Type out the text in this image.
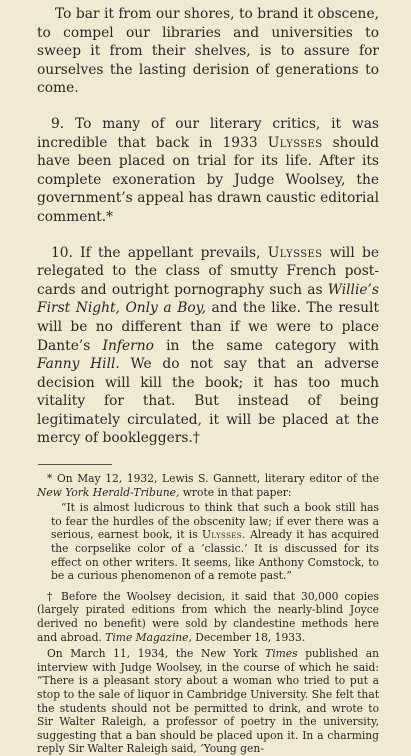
To bar it from our shores, to brand it obscene, to compel our libraries and universities to sweep it from their shelves, is to assure for ourselves the lasting derision of generations to come.

9. To many of our literary critics, it was incredible that back in 1933 Ulysses should have been placed on trial for its life. After its complete exoneration by Judge Woolsey, the government’s appeal has drawn caustic editorial comment.*

10. If the appellant prevails, Ulysses will be relegated to the class of smutty French post-cards and outright pornography such as Willie’s First Night, Only a Boy, and the like. The result will be no different than if we were to place Dante’s Inferno in the same category with Fanny Hill. We do not say that an adverse decision will kill the book; it has too much vitality for that. But instead of being legitimately circulated, it will be placed at the mercy of bookleggers.†

* On May 12, 1932, Lewis S. Gannett, literary editor of the New York Herald-Tribune, wrote in that paper:

“It is almost ludicrous to think that such a book still has to fear the hurdles of the obscenity law; if ever there was a serious, earnest book, it is Ulysses. Already it has acquired the corpselike color of a ‘classic.’ It is discussed for its effect on other writers. It seems, like Anthony Comstock, to be a curious phenomenon of a remote past.”

† Before the Woolsey decision, it said that 30,000 copies (largely pirated editions from which the nearly-blind Joyce derived no benefit) were sold by clandestine methods here and abroad. Time Magazine, December 18, 1933.

On March 11, 1934, the New York Times published an interview with Judge Woolsey, in the course of which he said: “There is a pleasant story about a woman who tried to put a stop to the sale of liquor in Cambridge University. She felt that the students should not be permitted to drink, and wrote to Sir Walter Raleigh, a professor of poetry in the university, suggesting that a ban should be placed upon it. In a charming reply Sir Walter Raleigh said, ‘Young gen-
